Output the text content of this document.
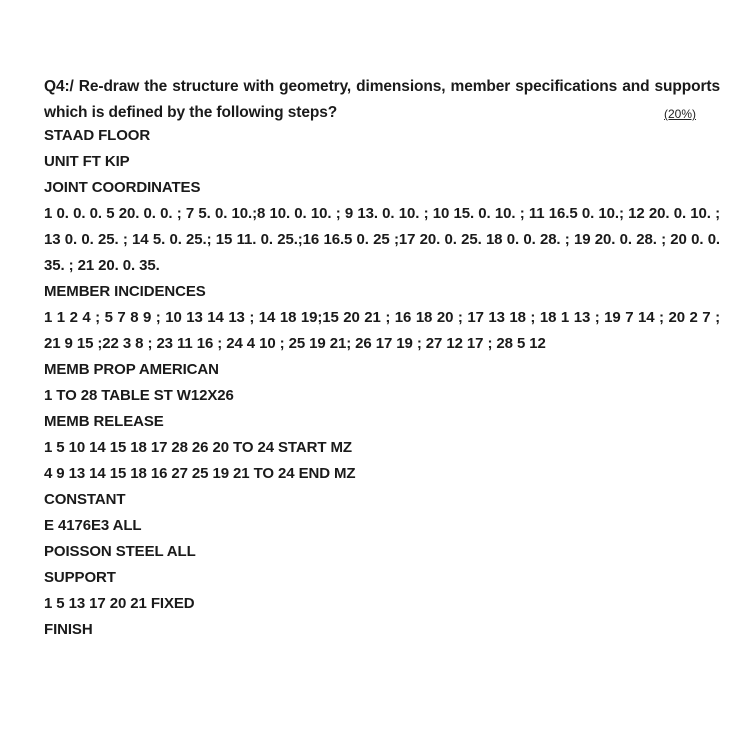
Q4:/ Re-draw the structure with geometry, dimensions, member specifications and supports which is defined by the following steps?	(20%)
STAAD FLOOR
UNIT FT KIP
JOINT COORDINATES
1 0. 0. 0. 5 20. 0. 0. ; 7 5. 0. 10.;8 10. 0. 10. ; 9 13. 0. 10. ; 10 15. 0. 10. ; 11 16.5 0. 10.; 12 20. 0. 10. ; 13 0. 0. 25. ; 14 5. 0. 25.; 15 11. 0. 25.;16 16.5 0. 25 ;17 20. 0. 25. 18 0. 0. 28. ; 19 20. 0. 28. ; 20 0. 0. 35. ; 21 20. 0. 35.
MEMBER INCIDENCES
1 1 2 4 ; 5 7 8 9 ; 10 13 14 13 ; 14 18 19;15 20 21 ; 16 18 20 ; 17 13 18 ; 18 1 13 ; 19 7 14 ; 20 2 7 ; 21 9 15 ;22 3 8 ; 23 11 16 ; 24 4 10 ; 25 19 21; 26 17 19 ; 27 12 17 ; 28 5 12
MEMB PROP AMERICAN
1 TO 28 TABLE ST W12X26
MEMB RELEASE
1 5 10 14 15 18 17 28 26 20 TO 24 START MZ
4 9 13 14 15 18 16 27 25 19 21 TO 24 END MZ
CONSTANT
E 4176E3 ALL
POISSON STEEL ALL
SUPPORT
1 5 13 17 20 21 FIXED
FINISH
